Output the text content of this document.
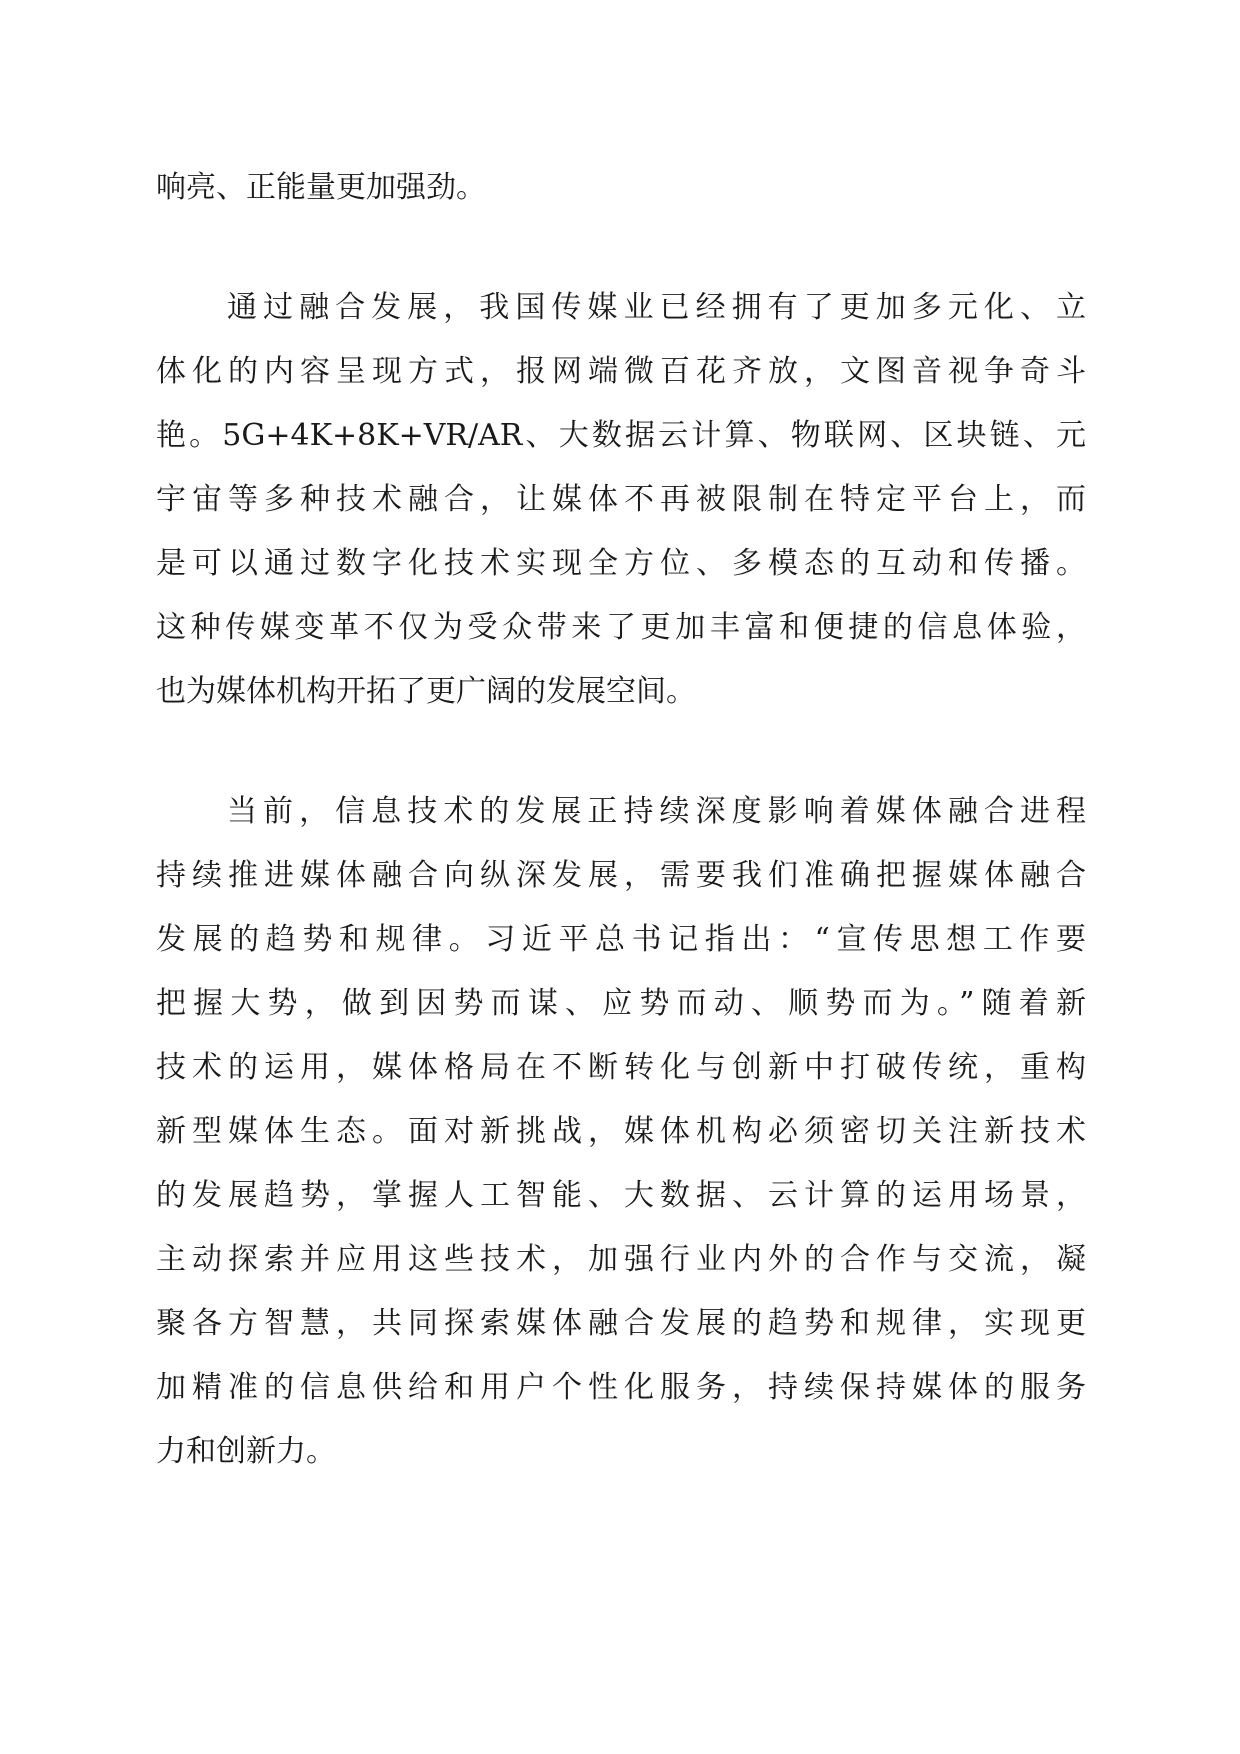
响亮、正能量更加强劲。
通过融合发展，我国传媒业已经拥有了更加多元化、立
体化的内容呈现方式，报网端微百花齐放，文图音视争奇斗
艳。5G+4K+8K+VR/AR、大数据云计算、物联网、区块链、元
宇宙等多种技术融合，让媒体不再被限制在特定平台上，而
是可以通过数字化技术实现全方位、多模态的互动和传播。
这种传媒变革不仅为受众带来了更加丰富和便捷的信息体验，
也为媒体机构开拓了更广阔的发展空间。
当前，信息技术的发展正持续深度影响着媒体融合进程
持续推进媒体融合向纵深发展，需要我们准确把握媒体融合
发展的趋势和规律。习近平总书记指出：“宣传思想工作要
把握大势，做到因势而谋、应势而动、顺势而为。”随着新
技术的运用，媒体格局在不断转化与创新中打破传统，重构
新型媒体生态。面对新挑战，媒体机构必须密切关注新技术
的发展趋势，掌握人工智能、大数据、云计算的运用场景，
主动探索并应用这些技术，加强行业内外的合作与交流，凝
聚各方智慧，共同探索媒体融合发展的趋势和规律，实现更
加精准的信息供给和用户个性化服务，持续保持媒体的服务
力和创新力。
